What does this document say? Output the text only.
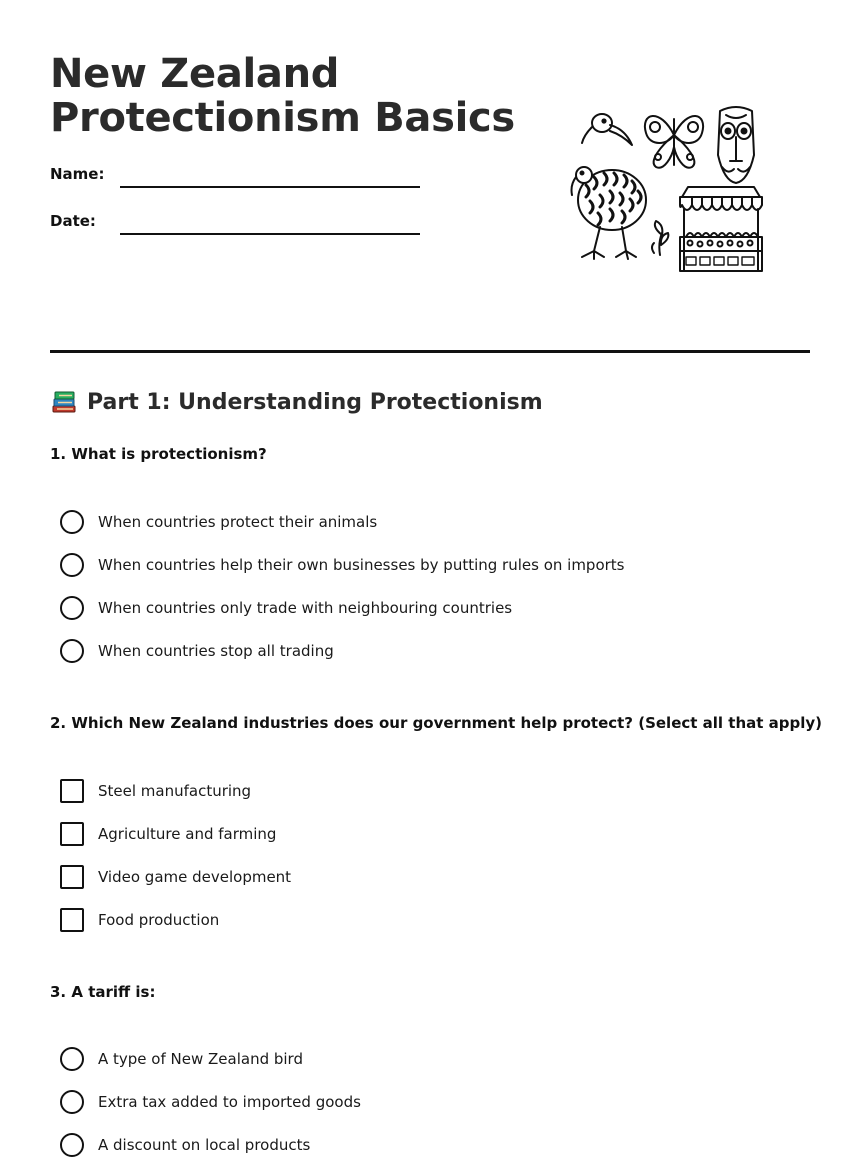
New Zealand
Protectionism Basics
Name:
Date:
Part 1: Understanding Protectionism
1. What is protectionism?
When countries protect their animals
When countries help their own businesses by putting rules on imports
When countries only trade with neighbouring countries
When countries stop all trading
2. Which New Zealand industries does our government help protect? (Select all that apply)
Steel manufacturing
Agriculture and farming
Video game development
Food production
3. A tariff is:
A type of New Zealand bird
Extra tax added to imported goods
A discount on local products
